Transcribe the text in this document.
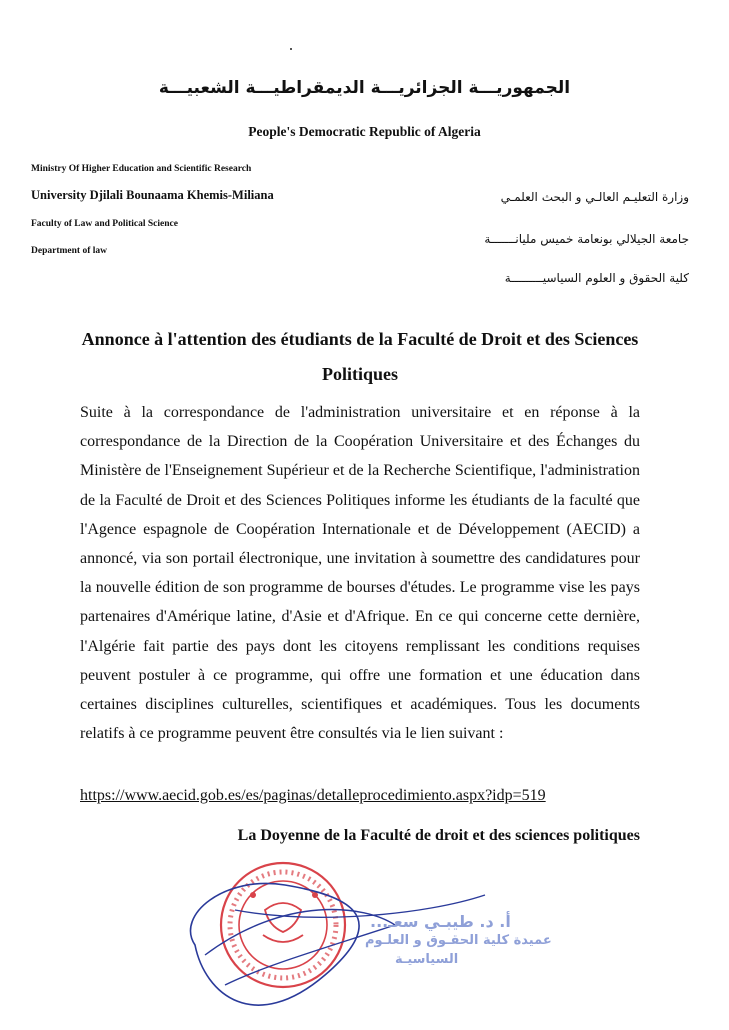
الجمهوريـــة الجزائريـــة الديمقراطيـــة الشعبيـــة
People's Democratic Republic of Algeria
Ministry Of Higher Education and Scientific Research
University Djilali Bounaama Khemis-Miliana
Faculty of Law and Political Science
Department of law
وزارة التعليـم العالـي و البحث العلمـي
جامعة الجيلالي بونعامة خميس مليانـــــــة
كلية الحقوق و العلوم السياسيـــــــــة
Annonce à l'attention des étudiants de la Faculté de Droit et des Sciences Politiques
Suite à la correspondance de l'administration universitaire et en réponse à la correspondance de la Direction de la Coopération Universitaire et des Échanges du Ministère de l'Enseignement Supérieur et de la Recherche Scientifique, l'administration de la Faculté de Droit et des Sciences Politiques informe les étudiants de la faculté que l'Agence espagnole de Coopération Internationale et de Développement (AECID) a annoncé, via son portail électronique, une invitation à soumettre des candidatures pour la nouvelle édition de son programme de bourses d'études. Le programme vise les pays partenaires d'Amérique latine, d'Asie et d'Afrique. En ce qui concerne cette dernière, l'Algérie fait partie des pays dont les citoyens remplissant les conditions requises peuvent postuler à ce programme, qui offre une formation et une éducation dans certaines disciplines culturelles, scientifiques et académiques. Tous les documents relatifs à ce programme peuvent être consultés via le lien suivant :
https://www.aecid.gob.es/es/paginas/detalleprocedimiento.aspx?idp=519
La Doyenne de la Faculté de droit et des sciences politiques
أ. د. طيبـي سعـ...
عميدة كلية الحقـوق و العلـوم
السياسيـة
